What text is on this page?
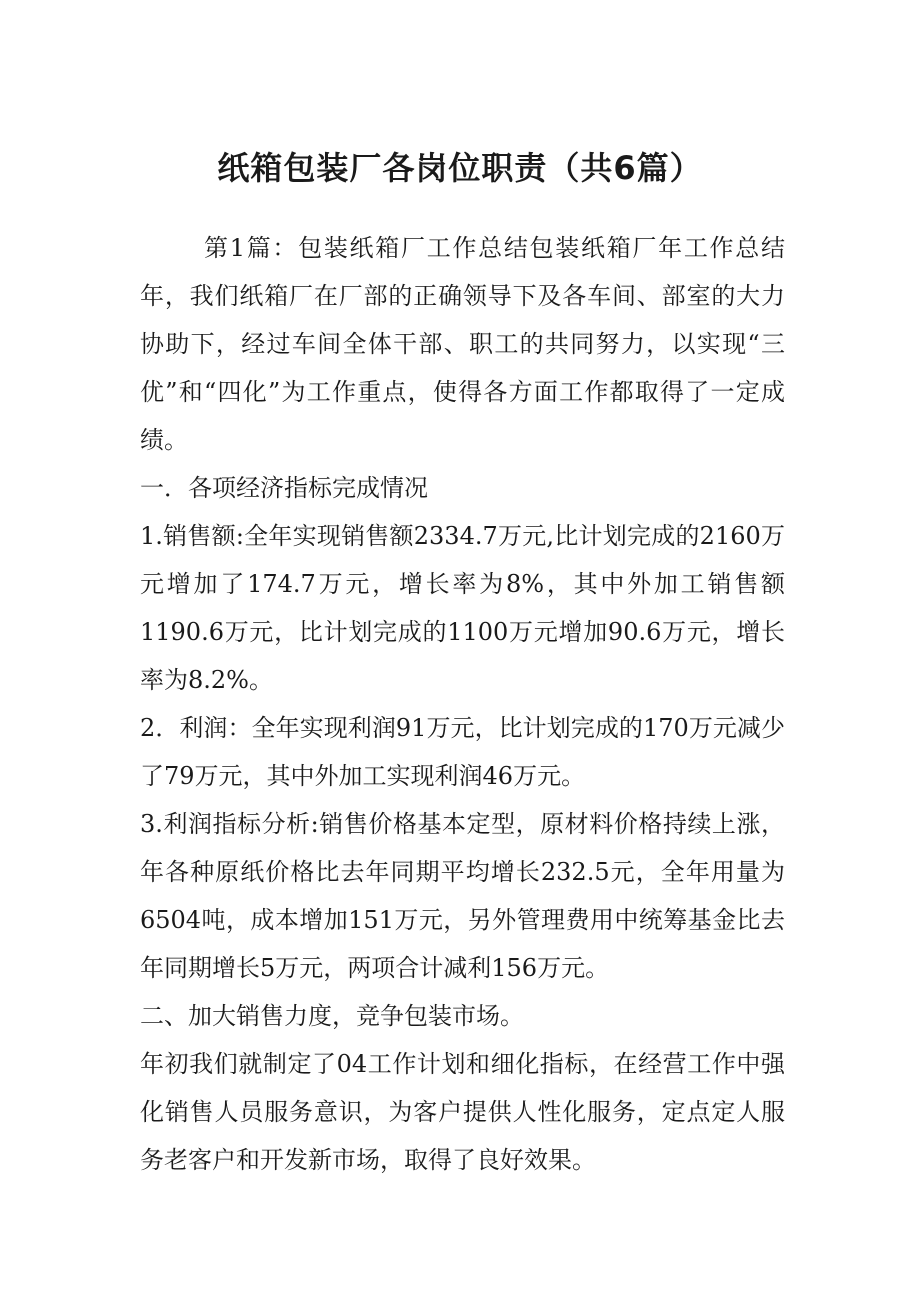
纸箱包装厂各岗位职责（共6篇）

第1篇：包装纸箱厂工作总结包装纸箱厂年工作总结年，我们纸箱厂在厂部的正确领导下及各车间、部室的大力协助下，经过车间全体干部、职工的共同努力，以实现“三优”和“四化”为工作重点，使得各方面工作都取得了一定成绩。

一．各项经济指标完成情况

1.销售额:全年实现销售额2334.7万元,比计划完成的2160万元增加了174.7万元，增长率为8%，其中外加工销售额1190.6万元，比计划完成的1100万元增加90.6万元，增长率为8.2%。

2．利润：全年实现利润91万元，比计划完成的170万元减少了79万元，其中外加工实现利润46万元。

3.利润指标分析:销售价格基本定型，原材料价格持续上涨，年各种原纸价格比去年同期平均增长232.5元，全年用量为6504吨，成本增加151万元，另外管理费用中统筹基金比去年同期增长5万元，两项合计减利156万元。

二、加大销售力度，竞争包装市场。

年初我们就制定了04工作计划和细化指标，在经营工作中强化销售人员服务意识，为客户提供人性化服务，定点定人服务老客户和开发新市场，取得了良好效果。
